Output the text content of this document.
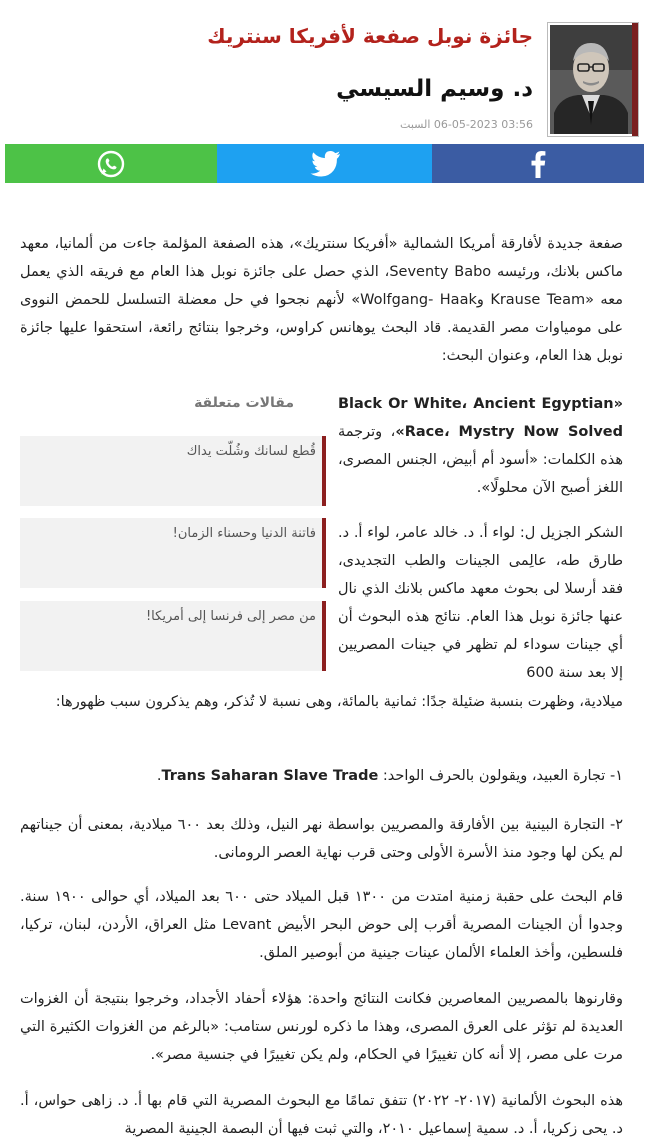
جائزة نوبل صفعة لأفريكا سنتريك
د. وسيم السيسي
السبت 06-05-2023 03:56
صفعة جديدة لأفارقة أمريكا الشمالية «أفريكا سنتريك»، هذه الصفعة المؤلمة جاءت من ألمانيا، معهد ماكس بلانك، ورئيسه Seventy Babo، الذي حصل على جائزة نوبل هذا العام مع فريقه الذي يعمل معه «Krause Team وWolfgang- Haak» لأنهم نجحوا في حل معضلة التسلسل للحمض النووى على مومياوات مصر القديمة. قاد البحث يوهانس كراوس، وخرجوا بنتائج رائعة، استحقوا عليها جائزة نوبل هذا العام، وعنوان البحث:
«Black Or White، Ancient Egyptian Race، Mystry Now Solved»، وترجمة هذه الكلمات: «أسود أم أبيض، الجنس المصرى، اللغز أصبح الآن محلولًا».
الشكر الجزيل ل: لواء أ. د. خالد عامر، لواء أ. د. طارق طه، عالِمى الجينات والطب التجديدى، فقد أرسلا لى بحوث معهد ماكس بلانك الذي نال عنها جائزة نوبل هذا العام. نتائج هذه البحوث أن أي جينات سوداء لم تظهر في جينات المصريين إلا بعد سنة 600
ميلادية، وظهرت بنسبة ضئيلة جدًا: ثمانية بالمائة، وهى نسبة لا تُذكر، وهم يذكرون سبب ظهورها:
١- تجارة العبيد، ويقولون بالحرف الواحد: Trans Saharan Slave Trade.
٢- التجارة البينية بين الأفارقة والمصريين بواسطة نهر النيل، وذلك بعد ٦٠٠ ميلادية، بمعنى أن جيناتهم لم يكن لها وجود منذ الأسرة الأولى وحتى قرب نهاية العصر الرومانى.
قام البحث على حقبة زمنية امتدت من ١٣٠٠ قبل الميلاد حتى ٦٠٠ بعد الميلاد، أي حوالى ١٩٠٠ سنة. وجدوا أن الجينات المصرية أقرب إلى حوض البحر الأبيض Levant مثل العراق، الأردن، لبنان، تركيا، فلسطين، وأخذ العلماء الألمان عينات جينية من أبوصير الملق.
وقارنوها بالمصريين المعاصرين فكانت النتائج واحدة: هؤلاء أحفاد الأجداد، وخرجوا بنتيجة أن الغزوات العديدة لم تؤثر على العرق المصرى، وهذا ما ذكره لورنس ستامب: «بالرغم من الغزوات الكثيرة التي مرت على مصر، إلا أنه كان تغييرًا في الحكام، ولم يكن تغييرًا في جنسية مصر».
هذه البحوث الألمانية (٢٠١٧- ٢٠٢٢) تتفق تمامًا مع البحوث المصرية التي قام بها أ. د. زاهى حواس، أ. د. يحى زكريا، أ. د. سمية إسماعيل ٢٠١٠، والتي ثبت فيها أن البصمة الجينية المصرية
مقالات متعلقة
قُطع لسانك وشُلّت يداك
فاتنة الدنيا وحسناء الزمان!
من مصر إلى فرنسا إلى أمريكا!
